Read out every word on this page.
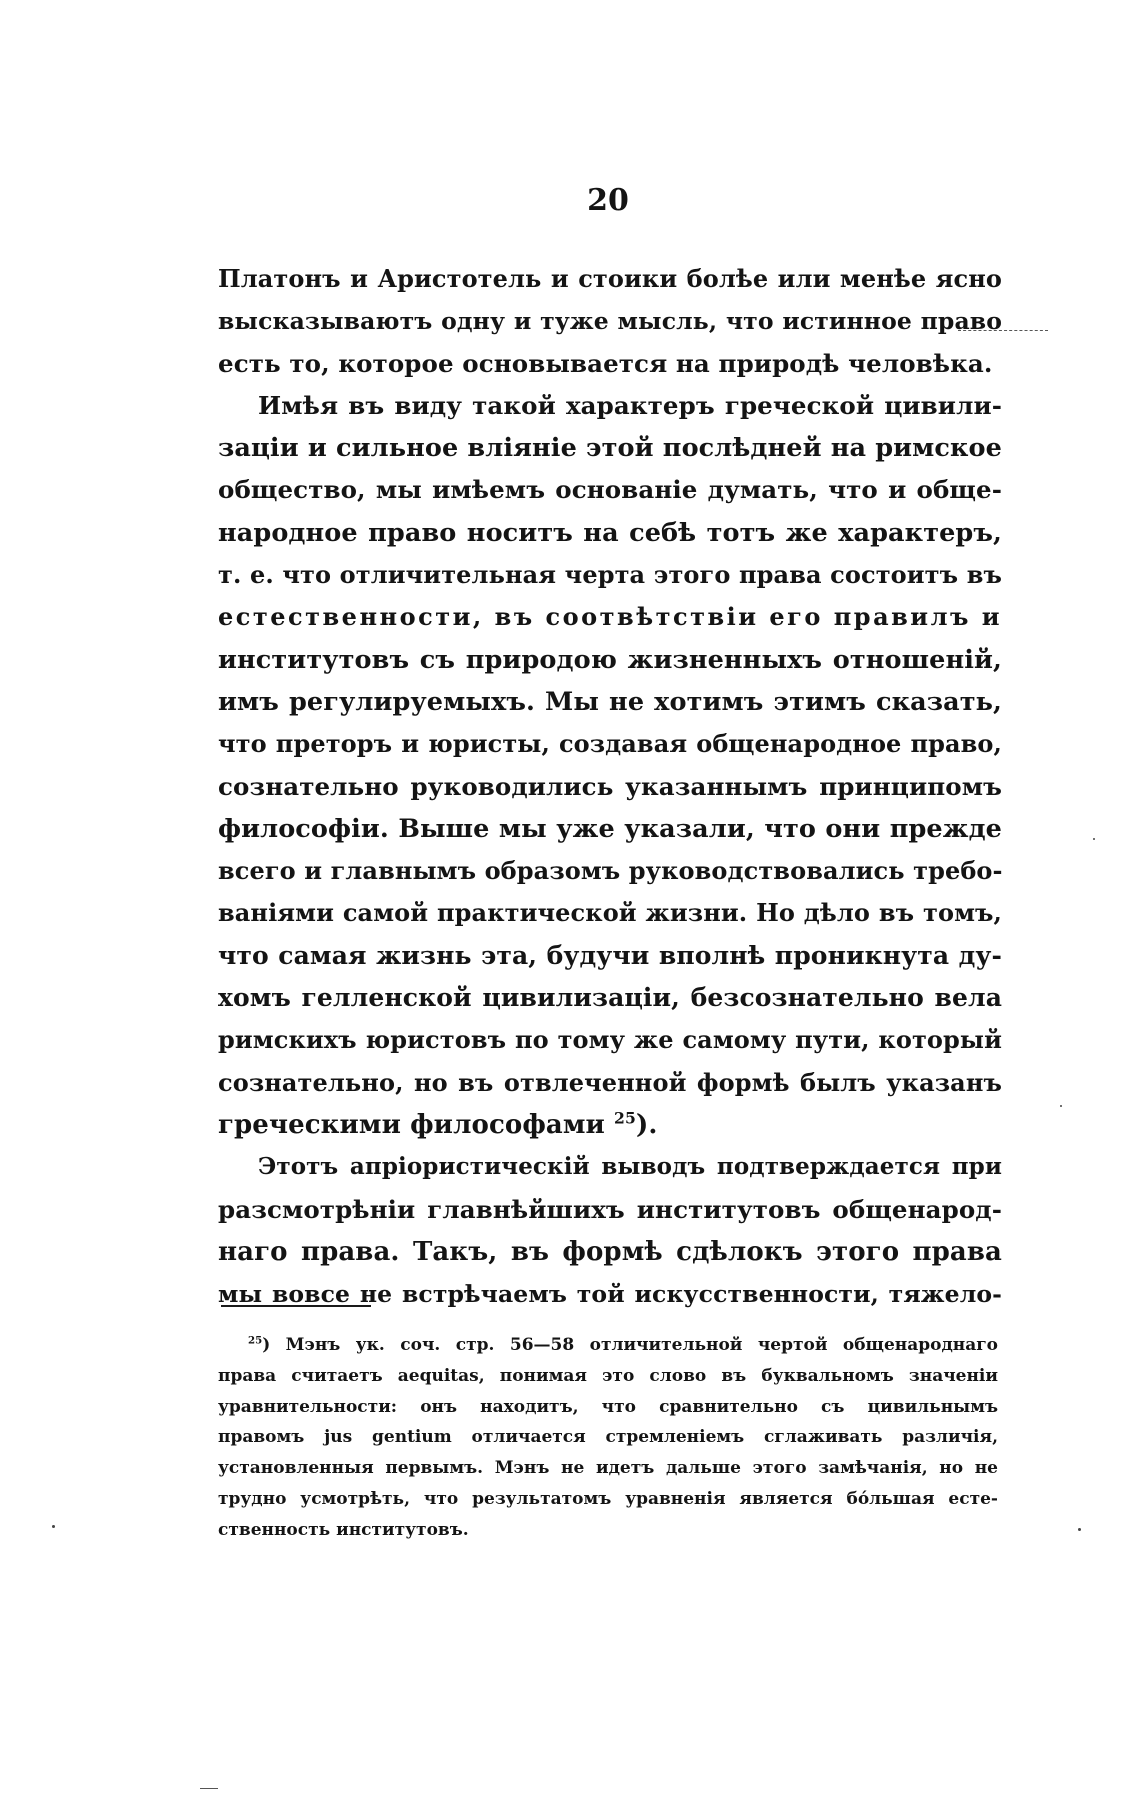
20
Платонъ и Аристотель и стоики болѣе или менѣе ясно
высказываютъ одну и туже мысль, что истинное право
есть то, которое основывается на природѣ человѣка.
Имѣя въ виду такой характеръ греческой цивили-
заціи и сильное вліяніе этой послѣдней на римское
общество, мы имѣемъ основаніе думать, что и обще-
народное право носитъ на себѣ тотъ же характеръ,
т. е. что отличительная черта этого права состоитъ въ
естественности, въ соотвѣтствіи его правилъ и
институтовъ съ природою жизненныхъ отношеній,
имъ регулируемыхъ. Мы не хотимъ этимъ сказать,
что преторъ и юристы, создавая общенародное право,
сознательно руководились указаннымъ принципомъ
философіи. Выше мы уже указали, что они прежде
всего и главнымъ образомъ руководствовались требо-
ваніями самой практической жизни. Но дѣло въ томъ,
что самая жизнь эта, будучи вполнѣ проникнута ду-
хомъ гелленской цивилизаціи, безсознательно вела
римскихъ юристовъ по тому же самому пути, который
сознательно, но въ отвлеченной формѣ былъ указанъ
греческими философами $^{25}$).
Этотъ апріористическій выводъ подтверждается при
разсмотрѣніи главнѣйшихъ институтовъ общенарод-
наго права. Такъ, въ формѣ сдѣлокъ этого права
мы вовсе не встрѣчаемъ той искусственности, тяжело-
$^{25}$) Мэнъ ук. соч. стр. 56—58 отличительной чертой общенароднаго
права считаетъ aequitas, понимая это слово въ буквальномъ значеніи
уравнительности: онъ находитъ, что сравнительно съ цивильнымъ
правомъ jus gentium отличается стремленіемъ сглаживать различія,
установленныя первымъ. Мэнъ не идетъ дальше этого замѣчанія, но не
трудно усмотрѣть, что результатомъ уравненія является бо́льшая есте-
ственность институтовъ.
